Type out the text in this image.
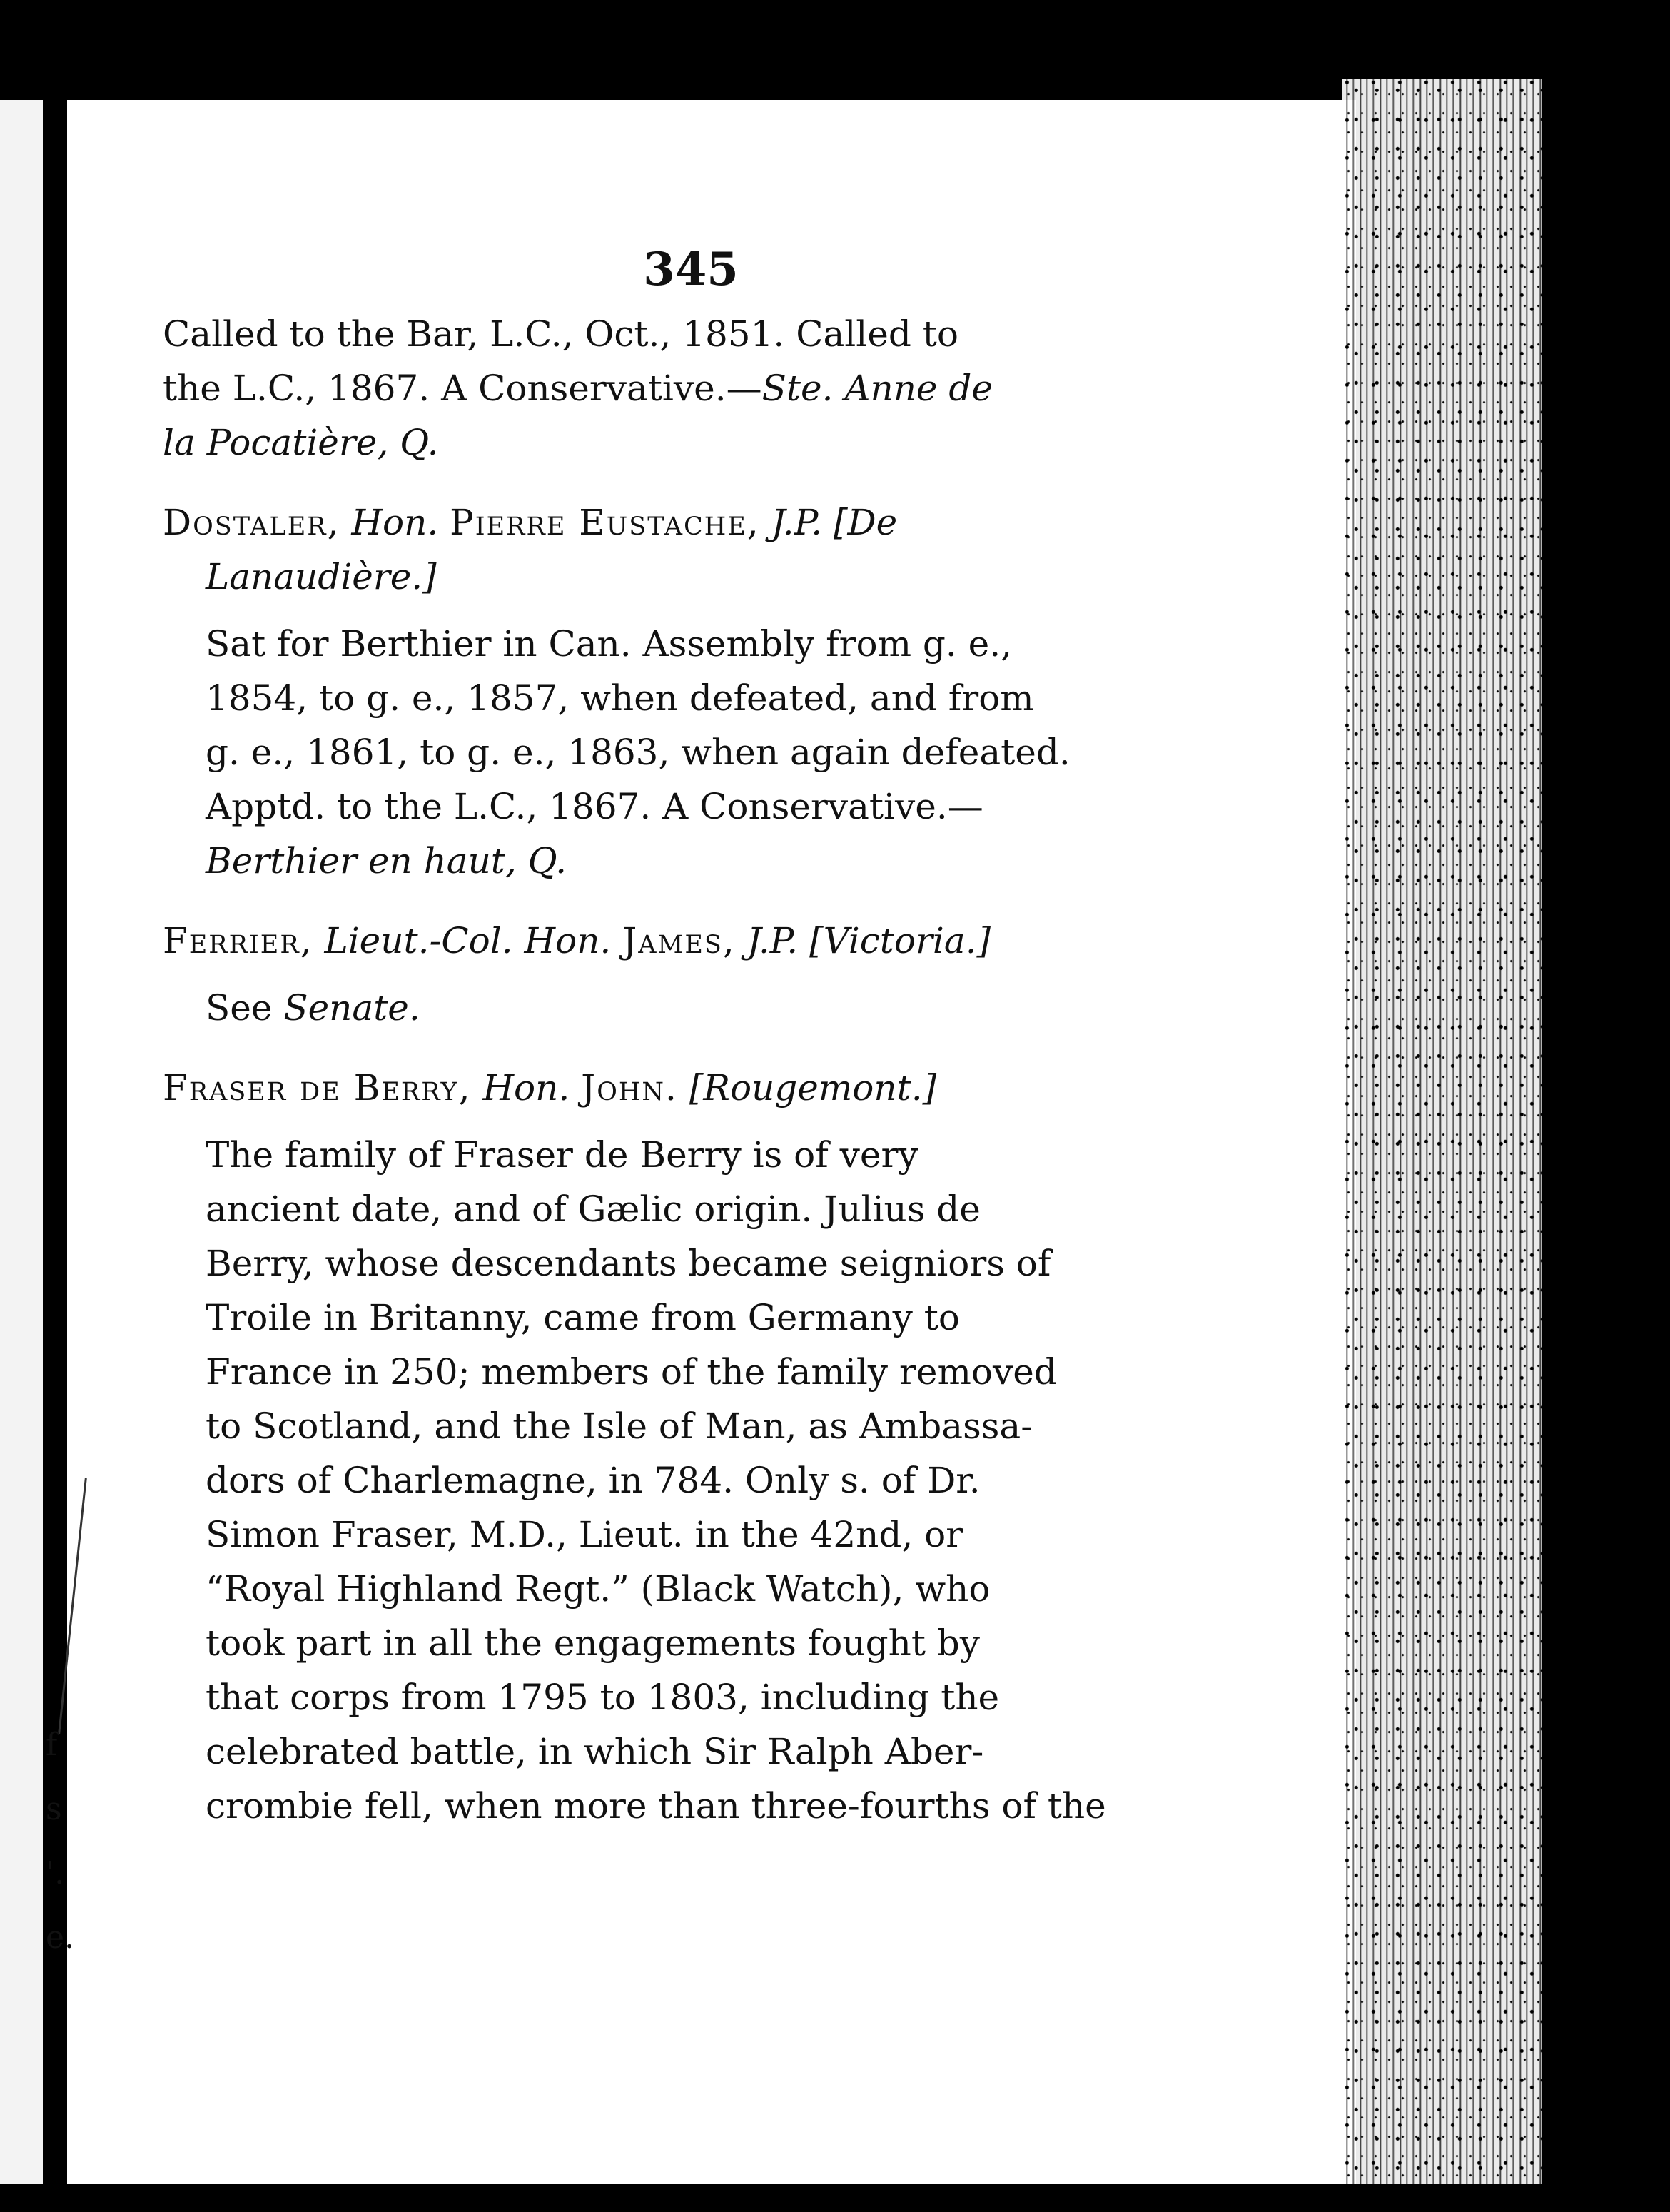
f
s
'.
e.
345
Called to the Bar, L.C., Oct., 1851. Called to
the L.C., 1867. A Conservative.—Ste. Anne de
la Pocatière, Q.
Dostaler, Hon. Pierre Eustache, J.P. [De Lanaudière.]
Sat for Berthier in Can. Assembly from g. e.,
1854, to g. e., 1857, when defeated, and from
g. e., 1861, to g. e., 1863, when again defeated.
Apptd. to the L.C., 1867. A Conservative.—
Berthier en haut, Q.
Ferrier, Lieut.-Col. Hon. James, J.P. [Victoria.]
See Senate.
Fraser de Berry, Hon. John. [Rougemont.]
The family of Fraser de Berry is of very
ancient date, and of Gælic origin. Julius de
Berry, whose descendants became seigniors of
Troile in Britanny, came from Germany to
France in 250; members of the family removed
to Scotland, and the Isle of Man, as Ambassa-
dors of Charlemagne, in 784. Only s. of Dr.
Simon Fraser, M.D., Lieut. in the 42nd, or
“Royal Highland Regt.” (Black Watch), who
took part in all the engagements fought by
that corps from 1795 to 1803, including the
celebrated battle, in which Sir Ralph Aber-
crombie fell, when more than three-fourths of the
